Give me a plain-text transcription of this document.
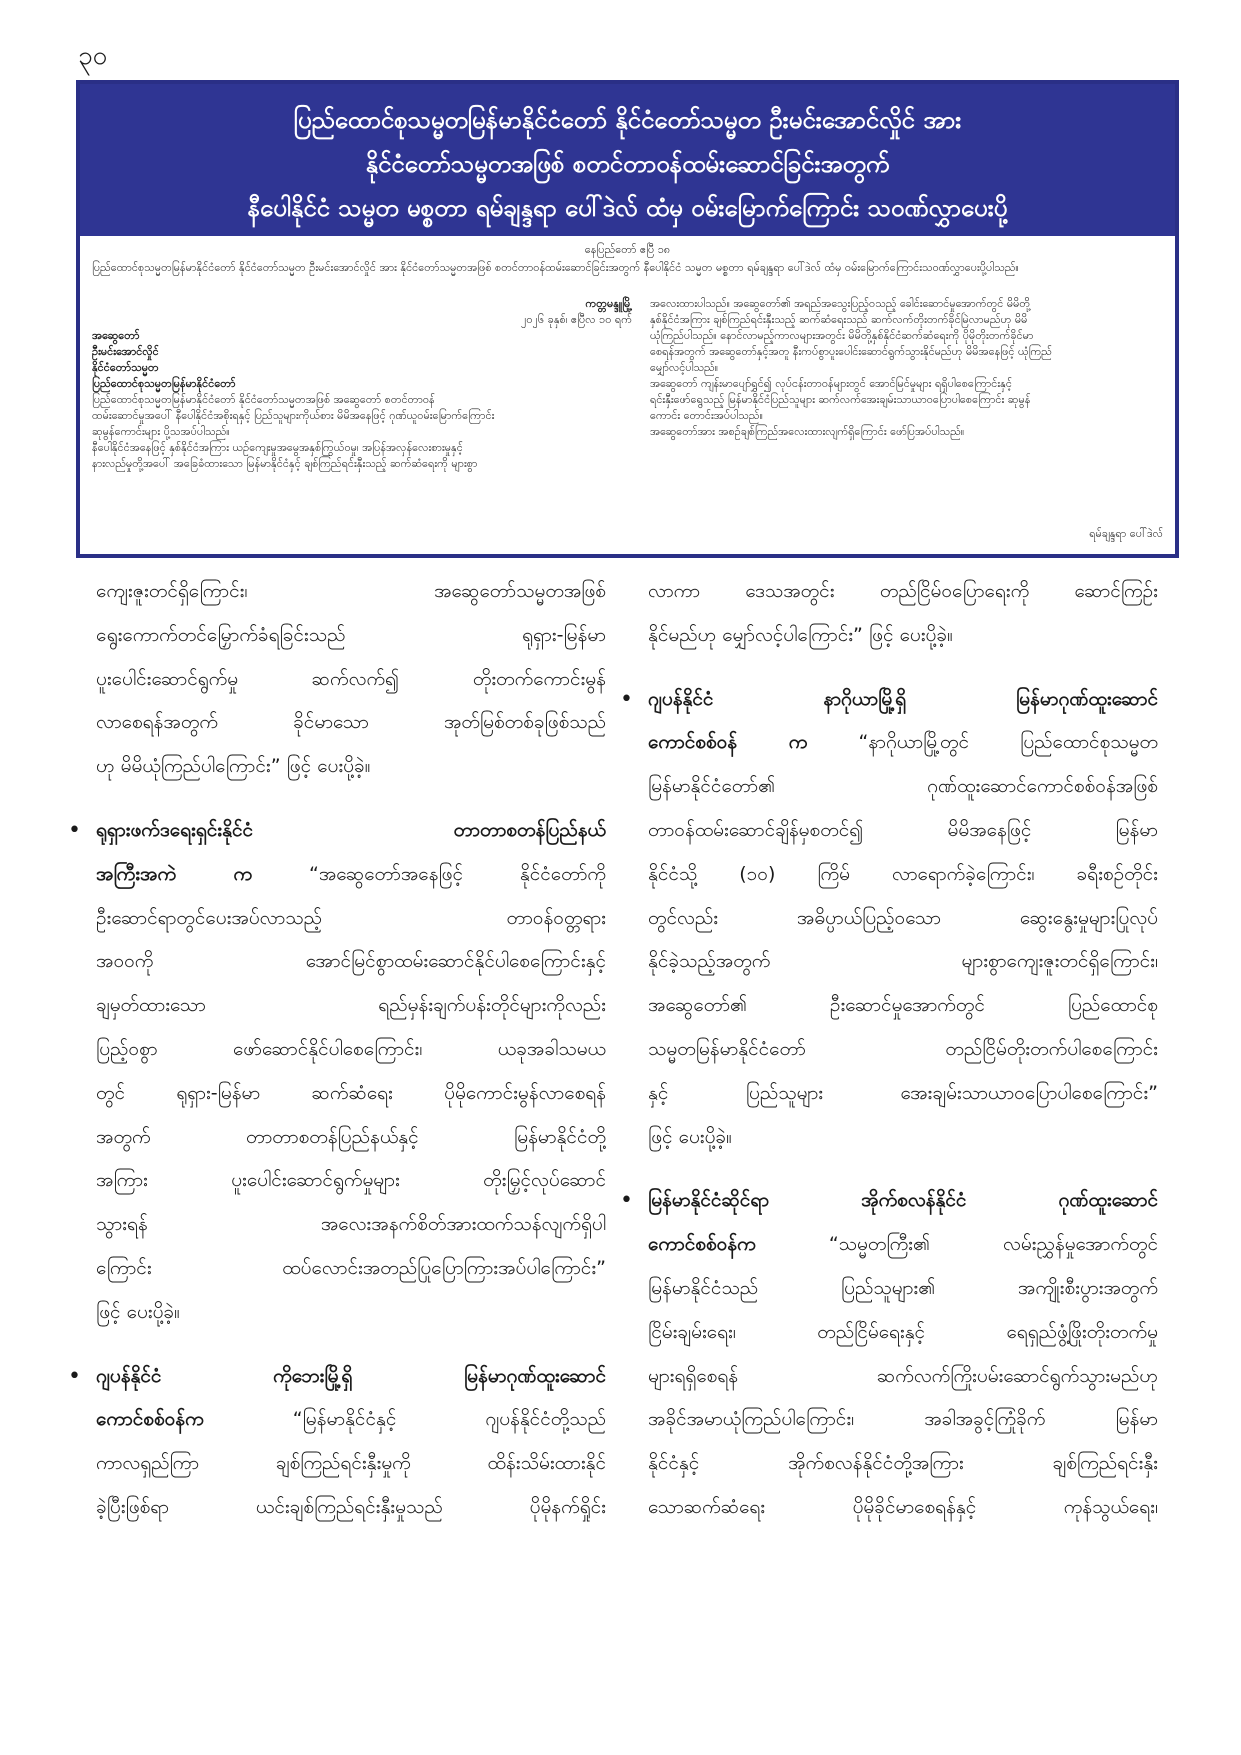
၃၀
ပြည်ထောင်စုသမ္မတမြန်မာနိုင်ငံတော် နိုင်ငံတော်သမ္မတ ဦးမင်းအောင်လှိုင် အား
နိုင်ငံတော်သမ္မတအဖြစ် စတင်တာဝန်ထမ်းဆောင်ခြင်းအတွက်
နီပေါနိုင်ငံ သမ္မတ မစ္စတာ ရမ်ချန္ဒရာ ပေါ်ဒဲလ် ထံမှ ဝမ်းမြောက်ကြောင်း သဝဏ်လွှာပေးပို့
နေပြည်တော် ဧပြီ ၁၈
ပြည်ထောင်စုသမ္မတမြန်မာနိုင်ငံတော် နိုင်ငံတော်သမ္မတ ဦးမင်းအောင်လှိုင် အား နိုင်ငံတော်သမ္မတအဖြစ် စတင်တာဝန်ထမ်းဆောင်ခြင်းအတွက် နီပေါနိုင်ငံ သမ္မတ မစ္စတာ ရမ်ချန္ဒရာ ပေါ်ဒဲလ် ထံမှ ဝမ်းမြောက်ကြောင်းသဝဏ်လွှာပေးပို့ပါသည်။
ကတ္တမန္ဒူမြို့
၂၀၂၆ ခုနှစ်၊ ဧပြီလ ၁၀ ရက်
အဆွေတော်
ဦးမင်းအောင်လှိုင်
နိုင်ငံတော်သမ္မတ
ပြည်ထောင်စုသမ္မတမြန်မာနိုင်ငံတော်
ပြည်ထောင်စုသမ္မတမြန်မာနိုင်ငံတော် နိုင်ငံတော်သမ္မတအဖြစ် အဆွေတော် စတင်တာဝန်
ထမ်းဆောင်မှုအပေါ် နီပေါနိုင်ငံအစိုးရနှင့် ပြည်သူများကိုယ်စား မိမိအနေဖြင့် ဂုဏ်ယူဝမ်းမြောက်ကြောင်း
ဆုမွန်ကောင်းများ ပို့သအပ်ပါသည်။
နီပေါနိုင်ငံအနေဖြင့် နှစ်နိုင်ငံအကြား ယဉ်ကျေးမှုအမွေအနှစ်ကြွယ်ဝမှု၊ အပြန်အလှန်လေးစားမှုနှင့်
နားလည်မှုတို့အပေါ် အခြေခံထားသော မြန်မာနိုင်ငံနှင့် ချစ်ကြည်ရင်းနှီးသည့် ဆက်ဆံရေးကို များစွာ
အလေးထားပါသည်။ အဆွေတော်၏ အရည်အသွေးပြည့်ဝသည့် ခေါင်းဆောင်မှုအောက်တွင် မိမိတို့
နှစ်နိုင်ငံအကြား ချစ်ကြည်ရင်းနှီးသည့် ဆက်ဆံရေးသည် ဆက်လက်တိုးတက်ခိုင်မြဲလာမည်ဟု မိမိ
ယုံကြည်ပါသည်။ နောင်လာမည့်ကာလများအတွင်း မိမိတို့နှစ်နိုင်ငံဆက်ဆံရေးကို ပိုမိုတိုးတက်ခိုင်မာ
စေရန်အတွက် အဆွေတော်နှင့်အတူ နီးကပ်စွာပူးပေါင်းဆောင်ရွက်သွားနိုင်မည်ဟု မိမိအနေဖြင့် ယုံကြည်
မျှော်လင့်ပါသည်။
အဆွေတော် ကျန်းမာပျော်ရွှင်၍ လုပ်ငန်းတာဝန်များတွင် အောင်မြင်မှုများ ရရှိပါစေကြောင်းနှင့်
ရင်းနှီးဖော်ရွေသည့် မြန်မာနိုင်ငံပြည်သူများ ဆက်လက်အေးချမ်းသာယာဝပြောပါစေကြောင်း ဆုမွန်
ကောင်း တောင်းအပ်ပါသည်။
အဆွေတော်အား အစဉ်ချစ်ကြည်အလေးထားလျက်ရှိကြောင်း ဖော်ပြအပ်ပါသည်။
ရမ်ချန္ဒရာ ပေါ်ဒဲလ်
ကျေးဇူးတင်ရှိကြောင်း၊ အဆွေတော်သမ္မတအဖြစ်
ရွေးကောက်တင်မြှောက်ခံရခြင်းသည် ရုရှား-မြန်မာ
ပူးပေါင်းဆောင်ရွက်မှု ဆက်လက်၍ တိုးတက်ကောင်းမွန်
လာစေရန်အတွက် ခိုင်မာသော အုတ်မြစ်တစ်ခုဖြစ်သည်
ဟု မိမိယုံကြည်ပါကြောင်း” ဖြင့် ပေးပို့ခဲ့။
• ရုရှားဖက်ဒရေးရှင်းနိုင်ငံ တာတာစတန်ပြည်နယ်
အကြီးအကဲ က	“အဆွေတော်အနေဖြင့် နိုင်ငံတော်ကို
ဦးဆောင်ရာတွင်ပေးအပ်လာသည့် တာဝန်ဝတ္တရား
အဝဝကို အောင်မြင်စွာထမ်းဆောင်နိုင်ပါစေကြောင်းနှင့်
ချမှတ်ထားသော ရည်မှန်းချက်ပန်းတိုင်များကိုလည်း
ပြည့်ဝစွာ ဖော်ဆောင်နိုင်ပါစေကြောင်း၊ ယခုအခါသမယ
တွင် ရုရှား-မြန်မာ ဆက်ဆံရေး ပိုမိုကောင်းမွန်လာစေရန်
အတွက် တာတာစတန်ပြည်နယ်နှင့် မြန်မာနိုင်ငံတို့
အကြား ပူးပေါင်းဆောင်ရွက်မှုများ တိုးမြှင့်လုပ်ဆောင်
သွားရန် အလေးအနက်စိတ်အားထက်သန်လျက်ရှိပါ
ကြောင်း ထပ်လောင်းအတည်ပြုပြောကြားအပ်ပါကြောင်း”
ဖြင့် ပေးပို့ခဲ့။
• ဂျပန်နိုင်ငံ ကိုဘေးမြို့ရှိ မြန်မာဂုဏ်ထူးဆောင်
ကောင်စစ်ဝန်က	“မြန်မာနိုင်ငံနှင့် ဂျပန်နိုင်ငံတို့သည်
ကာလရှည်ကြာ ချစ်ကြည်ရင်းနှီးမှုကို ထိန်းသိမ်းထားနိုင်
ခဲ့ပြီးဖြစ်ရာ ယင်းချစ်ကြည်ရင်းနှီးမှုသည် ပိုမိုနက်ရှိုင်း
လာကာ ဒေသအတွင်း တည်ငြိမ်ဝပြောရေးကို ဆောင်ကြဉ်း
နိုင်မည်ဟု မျှော်လင့်ပါကြောင်း” ဖြင့် ပေးပို့ခဲ့။
• ဂျပန်နိုင်ငံ နာဂိုယာမြို့ရှိ မြန်မာဂုဏ်ထူးဆောင်
ကောင်စစ်ဝန် က	“နာဂိုယာမြို့တွင် ပြည်ထောင်စုသမ္မတ
မြန်မာနိုင်ငံတော်၏ ဂုဏ်ထူးဆောင်ကောင်စစ်ဝန်အဖြစ်
တာဝန်ထမ်းဆောင်ချိန်မှစတင်၍ မိမိအနေဖြင့် မြန်မာ
နိုင်ငံသို့ (၁၀) ကြိမ် လာရောက်ခဲ့ကြောင်း၊ ခရီးစဉ်တိုင်း
တွင်လည်း အဓိပ္ပာယ်ပြည့်ဝသော ဆွေးနွေးမှုများပြုလုပ်
နိုင်ခဲ့သည့်အတွက် များစွာကျေးဇူးတင်ရှိကြောင်း၊
အဆွေတော်၏ ဦးဆောင်မှုအောက်တွင် ပြည်ထောင်စု
သမ္မတမြန်မာနိုင်ငံတော် တည်ငြိမ်တိုးတက်ပါစေကြောင်း
နှင့် ပြည်သူများ အေးချမ်းသာယာဝပြောပါစေကြောင်း”
ဖြင့် ပေးပို့ခဲ့။
• မြန်မာနိုင်ငံဆိုင်ရာ အိုက်စလန်နိုင်ငံ ဂုဏ်ထူးဆောင်
ကောင်စစ်ဝန်က	“သမ္မတကြီး၏ လမ်းညွှန်မှုအောက်တွင်
မြန်မာနိုင်ငံသည် ပြည်သူများ၏ အကျိုးစီးပွားအတွက်
ငြိမ်းချမ်းရေး၊ တည်ငြိမ်ရေးနှင့် ရေရှည်ဖွံ့ဖြိုးတိုးတက်မှု
များရရှိစေရန် ဆက်လက်ကြိုးပမ်းဆောင်ရွက်သွားမည်ဟု
အခိုင်အမာယုံကြည်ပါကြောင်း၊ အခါအခွင့်ကြုံခိုက် မြန်မာ
နိုင်ငံနှင့် အိုက်စလန်နိုင်ငံတို့အကြား ချစ်ကြည်ရင်းနှီး
သောဆက်ဆံရေး ပိုမိုခိုင်မာစေရန်နှင့် ကုန်သွယ်ရေး၊
